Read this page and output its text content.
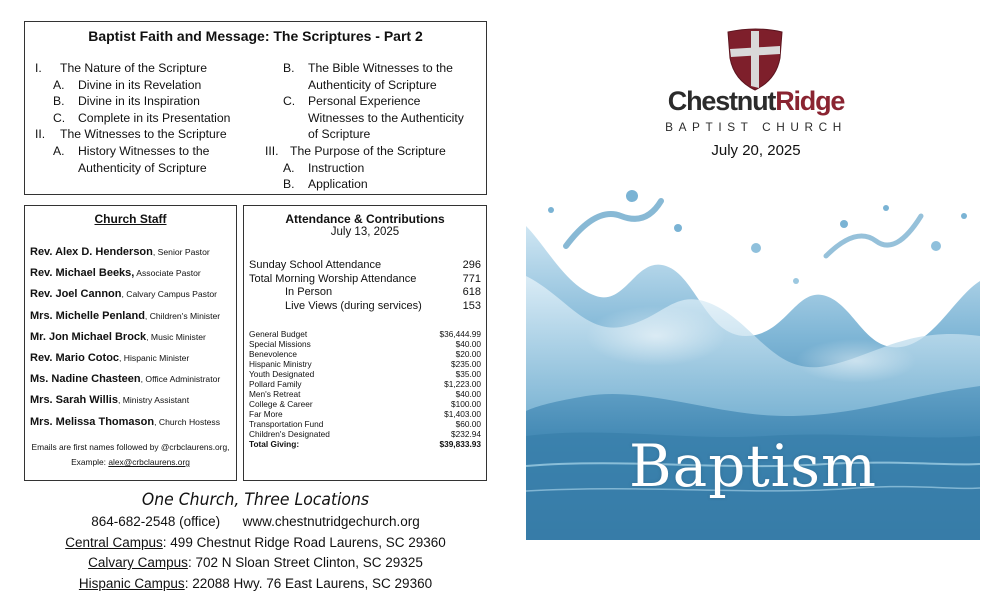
Baptist Faith and Message: The Scriptures - Part 2
I. The Nature of the Scripture
A. Divine in its Revelation
B. Divine in its Inspiration
C. Complete in its Presentation
II. The Witnesses to the Scripture
A. History Witnesses to the
Authenticity of Scripture
B. The Bible Witnesses to the
Authenticity of Scripture
C. Personal Experience
Witnesses to the Authenticity
of Scripture
III. The Purpose of the Scripture
A. Instruction
B. Application
Church Staff
Rev. Alex D. Henderson, Senior Pastor
Rev. Michael Beeks, Associate Pastor
Rev. Joel Cannon, Calvary Campus Pastor
Mrs. Michelle Penland, Children's Minister
Mr. Jon Michael Brock, Music Minister
Rev. Mario Cotoc, Hispanic Minister
Ms. Nadine Chasteen, Office Administrator
Mrs. Sarah Willis, Ministry Assistant
Mrs. Melissa Thomason, Church Hostess
Emails are first names followed by @crbclaurens.org,
Example: alex@crbclaurens.org
Attendance & Contributions
July 13, 2025
Sunday School Attendance	296
Total Morning Worship Attendance	771
In Person	618
Live Views (during services)	153
General Budget	$36,444.99
Special Missions	$40.00
Benevolence	$20.00
Hispanic Ministry	$235.00
Youth Designated	$35.00
Pollard Family	$1,223.00
Men's Retreat	$40.00
College & Career	$100.00
Far More	$1,403.00
Transportation Fund	$60.00
Children's Designated	$232.94
Total Giving:	$39,833.93
One Church, Three Locations
864-682-2548 (office) www.chestnutridgechurch.org
Central Campus: 499 Chestnut Ridge Road Laurens, SC 29360
Calvary Campus: 702 N Sloan Street Clinton, SC 29325
Hispanic Campus: 22088 Hwy. 76 East Laurens, SC 29360
ChestnutRidge
BAPTIST CHURCH
July 20, 2025
Baptism
